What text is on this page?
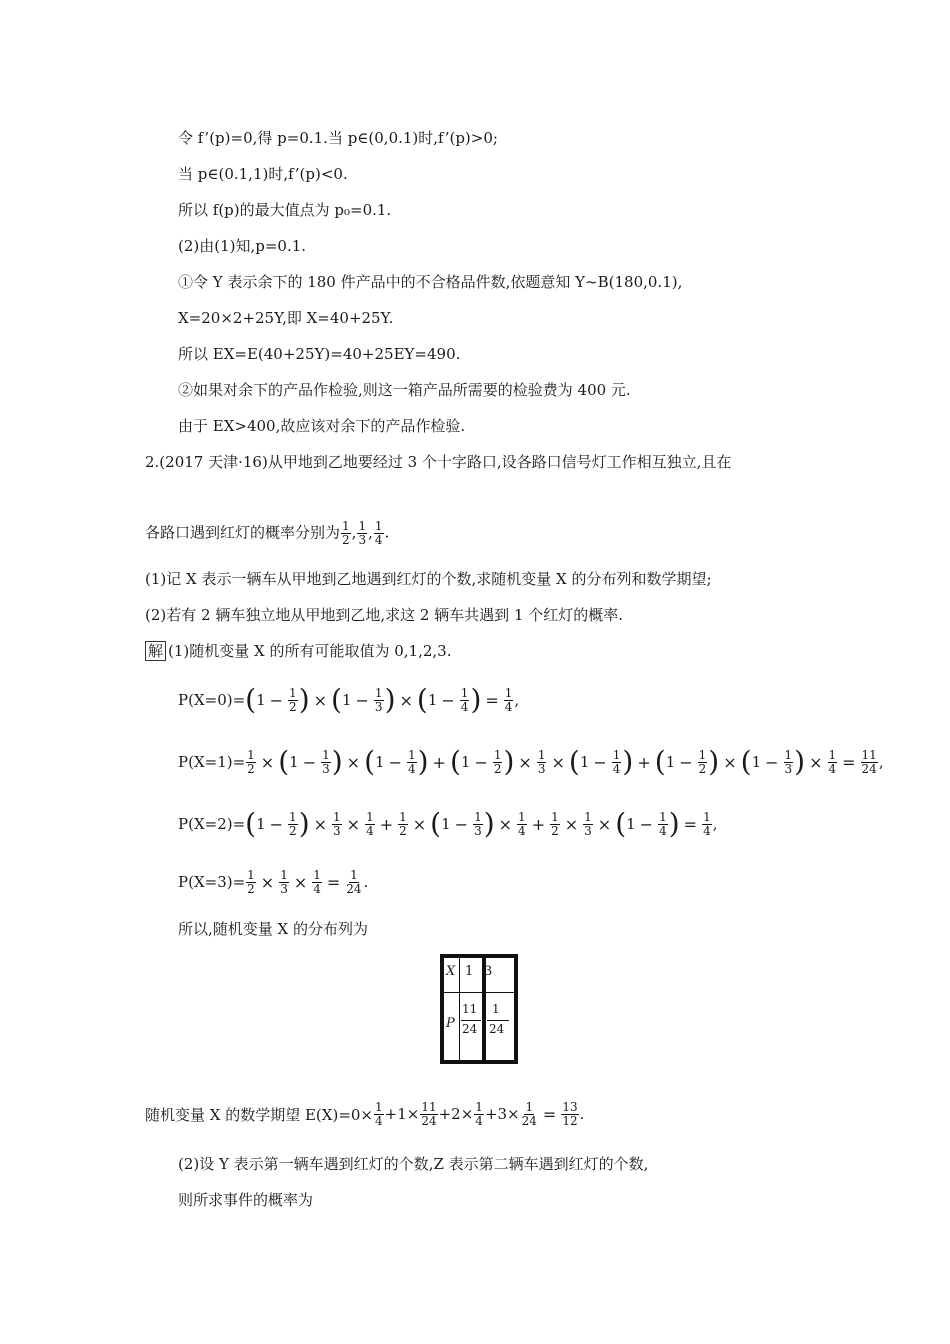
令 f’(p)=0,得 p=0.1.当 p∈(0,0.1)时,f’(p)>0;
当 p∈(0.1,1)时,f’(p)<0.
所以 f(p)的最大值点为 p₀=0.1.
(2)由(1)知,p=0.1.
①令 Y 表示余下的 180 件产品中的不合格品件数,依题意知 Y~B(180,0.1),
X=20×2+25Y,即 X=40+25Y.
所以 EX=E(40+25Y)=40+25EY=490.
②如果对余下的产品作检验,则这一箱产品所需要的检验费为 400 元.
由于 EX>400,故应该对余下的产品作检验.
2.(2017 天津·16)从甲地到乙地要经过 3 个十字路口,设各路口信号灯工作相互独立,且在
各路口遇到红灯的概率分别为 $\frac{1}{2}$ , $\frac{1}{3}$ , $\frac{1}{4}$ .
(1)记 X 表示一辆车从甲地到乙地遇到红灯的个数,求随机变量 X 的分布列和数学期望;
(2)若有 2 辆车独立地从甲地到乙地,求这 2 辆车共遇到 1 个红灯的概率.
解 (1)随机变量 X 的所有可能取值为 0,1,2,3.
P(X=0)= ( $1 - \frac{1}{2}$ ) × ( $1 - \frac{1}{3}$ ) × ( $1 - \frac{1}{4}$ ) = $\frac{1}{4}$ ,
$P(X=1)= \frac{1}{2}$ × ( $1 - \frac{1}{3}$ ) × ( $1 - \frac{1}{4}$ ) + ( $1 - \frac{1}{2}$ ) × $\frac{1}{3}$ × ( $1 - \frac{1}{4}$ ) + ( $1 - \frac{1}{2}$ ) × ( $1 - \frac{1}{3}$ ) × $\frac{1}{4} = \frac{11}{24}$ ,
P(X=2)= ( $1 - \frac{1}{2}$ ) × $\frac{1}{3} \times \frac{1}{4} + \frac{1}{2}$ × ( $1 - \frac{1}{3}$ ) × $\frac{1}{4} + \frac{1}{2} \times \frac{1}{3}$ × ( $1 - \frac{1}{4}$ ) = $\frac{1}{4}$ ,
$P(X=3)= \frac{1}{2} \times \frac{1}{3} \times \frac{1}{4} = \frac{1}{24}$ .
所以,随机变量 X 的分布列为
X 1 3
P
11
24
1
24
随机变量 X 的数学期望 $E(X)=0\times \frac{1}{4} +1\times \frac{11}{24} +2\times \frac{1}{4} +3\times \frac{1}{24} = \frac{13}{12}$ .
(2)设 Y 表示第一辆车遇到红灯的个数,Z 表示第二辆车遇到红灯的个数,
则所求事件的概率为
